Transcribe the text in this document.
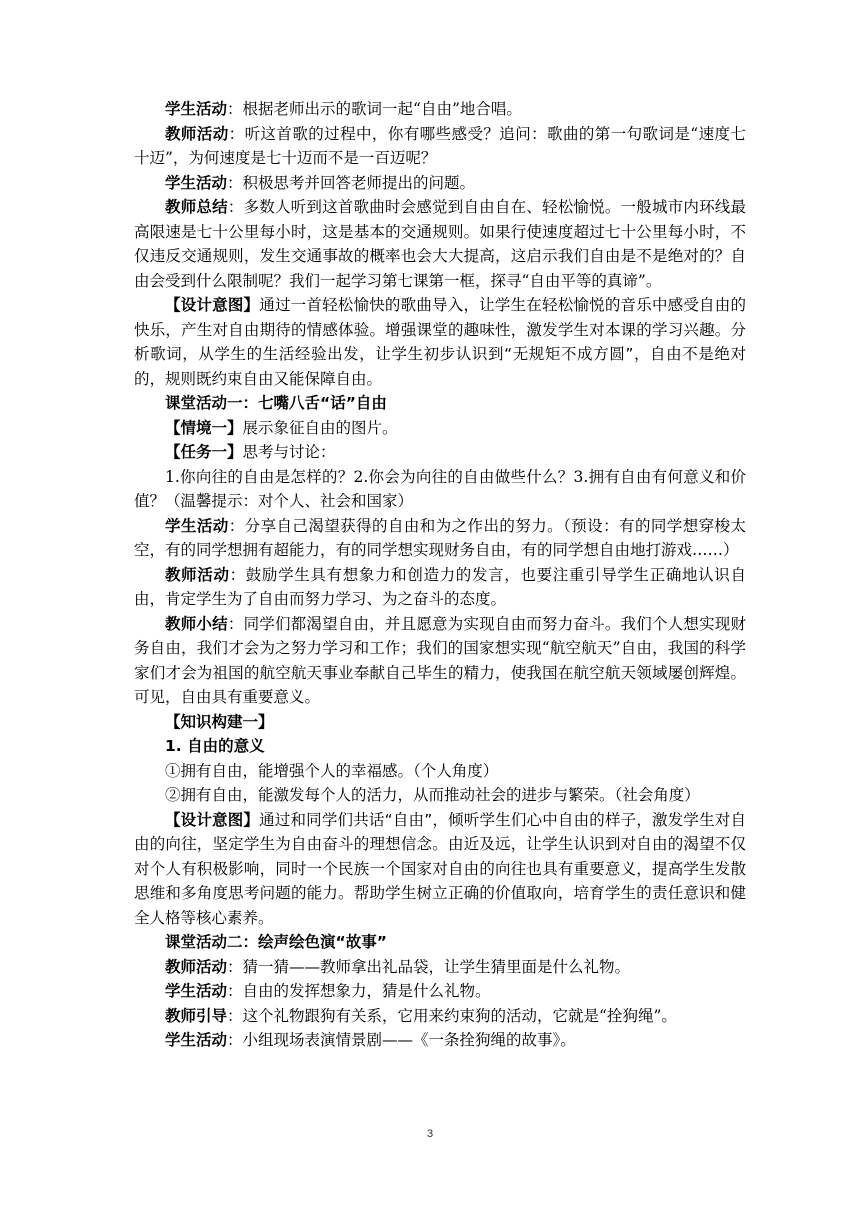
学生活动：根据老师出示的歌词一起“自由”地合唱。

教师活动：听这首歌的过程中，你有哪些感受？追问：歌曲的第一句歌词是“速度七十迈”，为何速度是七十迈而不是一百迈呢？

学生活动：积极思考并回答老师提出的问题。

教师总结：多数人听到这首歌曲时会感觉到自由自在、轻松愉悦。一般城市内环线最高限速是七十公里每小时，这是基本的交通规则。如果行使速度超过七十公里每小时，不仅违反交通规则，发生交通事故的概率也会大大提高，这启示我们自由是不是绝对的？自由会受到什么限制呢？我们一起学习第七课第一框，探寻“自由平等的真谛”。

【设计意图】通过一首轻松愉快的歌曲导入，让学生在轻松愉悦的音乐中感受自由的快乐，产生对自由期待的情感体验。增强课堂的趣味性，激发学生对本课的学习兴趣。分析歌词，从学生的生活经验出发，让学生初步认识到“无规矩不成方圆”，自由不是绝对的，规则既约束自由又能保障自由。

课堂活动一：七嘴八舌“话”自由

【情境一】展示象征自由的图片。

【任务一】思考与讨论：

1.你向往的自由是怎样的？2.你会为向往的自由做些什么？3.拥有自由有何意义和价值？（温馨提示：对个人、社会和国家）

学生活动：分享自己渴望获得的自由和为之作出的努力。（预设：有的同学想穿梭太空，有的同学想拥有超能力，有的同学想实现财务自由，有的同学想自由地打游戏……）

教师活动：鼓励学生具有想象力和创造力的发言，也要注重引导学生正确地认识自由，肯定学生为了自由而努力学习、为之奋斗的态度。

教师小结：同学们都渴望自由，并且愿意为实现自由而努力奋斗。我们个人想实现财务自由，我们才会为之努力学习和工作；我们的国家想实现“航空航天”自由，我国的科学家们才会为祖国的航空航天事业奉献自己毕生的精力，使我国在航空航天领域屡创辉煌。可见，自由具有重要意义。

【知识构建一】

1. 自由的意义

①拥有自由，能增强个人的幸福感。（个人角度）

②拥有自由，能激发每个人的活力，从而推动社会的进步与繁荣。（社会角度）

【设计意图】通过和同学们共话“自由”，倾听学生们心中自由的样子，激发学生对自由的向往，坚定学生为自由奋斗的理想信念。由近及远，让学生认识到对自由的渴望不仅对个人有积极影响，同时一个民族一个国家对自由的向往也具有重要意义，提高学生发散思维和多角度思考问题的能力。帮助学生树立正确的价值取向，培育学生的责任意识和健全人格等核心素养。

课堂活动二：绘声绘色演“故事”

教师活动：猜一猜——教师拿出礼品袋，让学生猜里面是什么礼物。

学生活动：自由的发挥想象力，猜是什么礼物。

教师引导：这个礼物跟狗有关系，它用来约束狗的活动，它就是“拴狗绳”。

学生活动：小组现场表演情景剧——《一条拴狗绳的故事》。

3
